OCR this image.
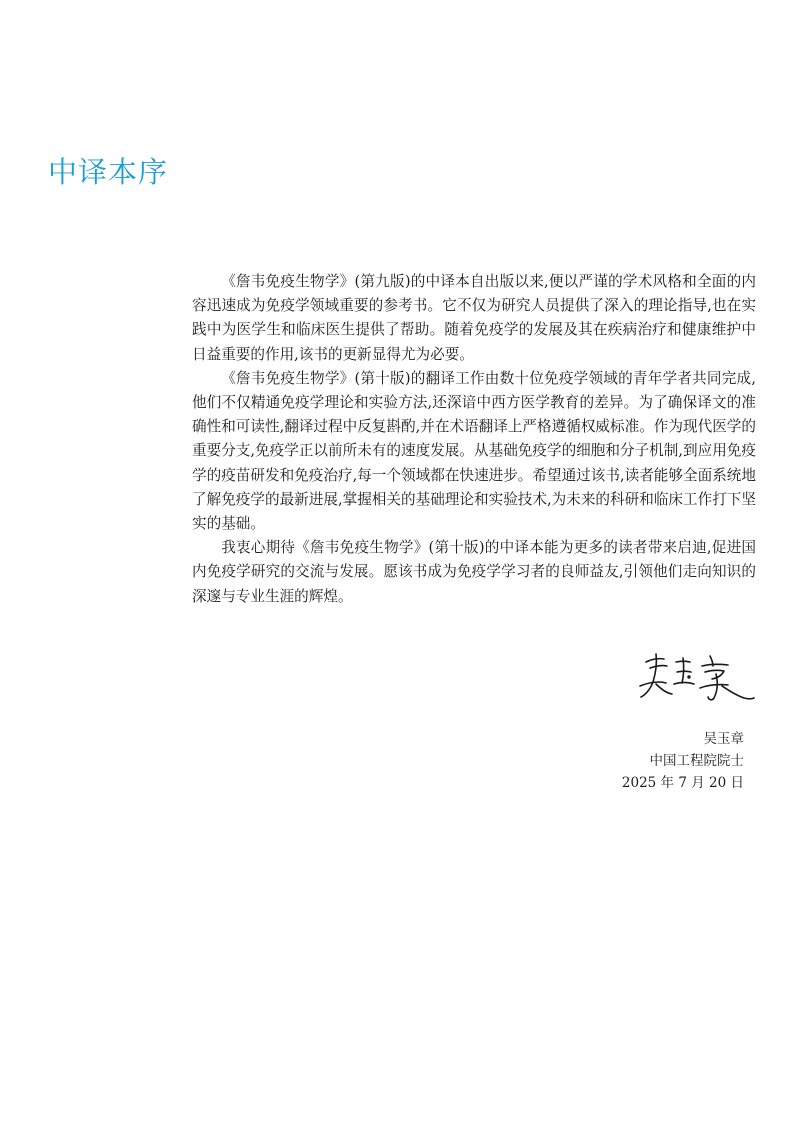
中译本序

《詹韦免疫生物学》(第九版)的中译本自出版以来,便以严谨的学术风格和全面的内容迅速成为免疫学领域重要的参考书。它不仅为研究人员提供了深入的理论指导,也在实践中为医学生和临床医生提供了帮助。随着免疫学的发展及其在疾病治疗和健康维护中日益重要的作用,该书的更新显得尤为必要。

《詹韦免疫生物学》(第十版)的翻译工作由数十位免疫学领域的青年学者共同完成,他们不仅精通免疫学理论和实验方法,还深谙中西方医学教育的差异。为了确保译文的准确性和可读性,翻译过程中反复斟酌,并在术语翻译上严格遵循权威标准。作为现代医学的重要分支,免疫学正以前所未有的速度发展。从基础免疫学的细胞和分子机制,到应用免疫学的疫苗研发和免疫治疗,每一个领域都在快速进步。希望通过该书,读者能够全面系统地了解免疫学的最新进展,掌握相关的基础理论和实验技术,为未来的科研和临床工作打下坚实的基础。

我衷心期待《詹韦免疫生物学》(第十版)的中译本能为更多的读者带来启迪,促进国内免疫学研究的交流与发展。愿该书成为免疫学学习者的良师益友,引领他们走向知识的深邃与专业生涯的辉煌。

吴玉章
中国工程院院士
2025 年 7 月 20 日
